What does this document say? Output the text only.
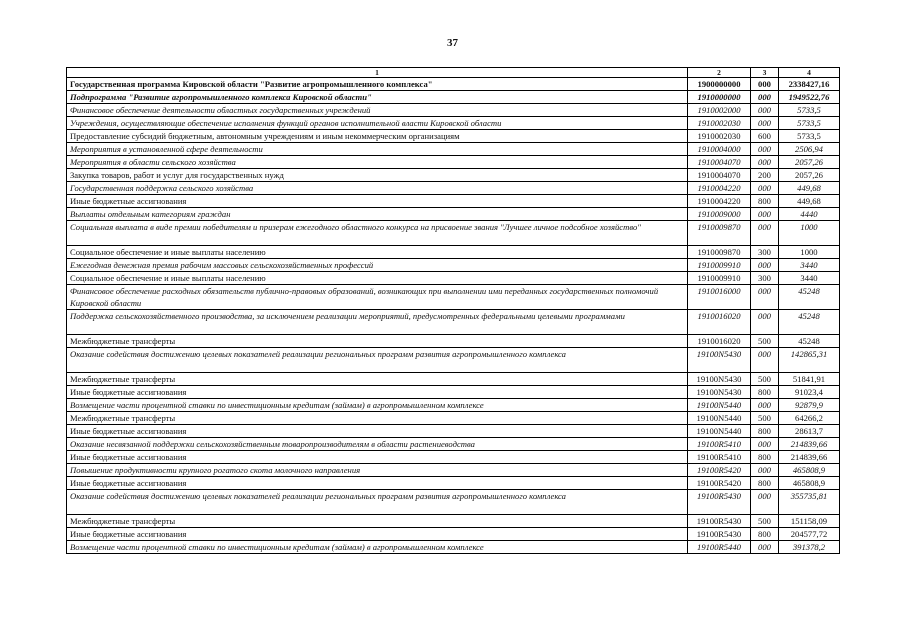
37
1	2	3	4
Государственная программа Кировской области "Развитие агропромышленного комплекса"	1900000000	000	2338427,16
Подпрограмма "Развитие агропромышленного комплекса Кировской области"	1910000000	000	1949522,76
Финансовое обеспечение деятельности областных государственных учреждений	1910002000	000	5733,5
Учреждения, осуществляющие обеспечение исполнения функций органов исполнительной власти Кировской области	1910002030	000	5733,5
Предоставление субсидий бюджетным, автономным учреждениям и иным некоммерческим организациям	1910002030	600	5733,5
Мероприятия в установленной сфере деятельности	1910004000	000	2506,94
Мероприятия в области сельского хозяйства	1910004070	000	2057,26
Закупка товаров, работ и услуг для государственных нужд	1910004070	200	2057,26
Государственная поддержка сельского хозяйства	1910004220	000	449,68
Иные бюджетные ассигнования	1910004220	800	449,68
Выплаты отдельным категориям граждан	1910009000	000	4440
Социальная выплата в виде премии победителям и призерам ежегодного областного конкурса на присвоение звания "Лучшее личное подсобное хозяйство"	1910009870	000	1000
Социальное обеспечение и иные выплаты населению	1910009870	300	1000
Ежегодная денежная премия рабочим массовых сельскохозяйственных профессий	1910009910	000	3440
Социальное обеспечение и иные выплаты населению	1910009910	300	3440
Финансовое обеспечение расходных обязательств публично-правовых образований, возникающих при выполнении ими переданных государственных полномочий Кировской области	1910016000	000	45248
Поддержка сельскохозяйственного производства, за исключением реализации мероприятий, предусмотренных федеральными целевыми программами	1910016020	000	45248
Межбюджетные трансферты	1910016020	500	45248
Оказание содействия достижению целевых показателей реализации региональных программ развития агропромышленного комплекса	19100N5430	000	142865,31
Межбюджетные трансферты	19100N5430	500	51841,91
Иные бюджетные ассигнования	19100N5430	800	91023,4
Возмещение части процентной ставки по инвестиционным кредитам (займам) в агропромышленном комплексе	19100N5440	000	92879,9
Межбюджетные трансферты	19100N5440	500	64266,2
Иные бюджетные ассигнования	19100N5440	800	28613,7
Оказание несвязанной поддержки сельскохозяйственным товаропроизводителям в области растениеводства	19100R5410	000	214839,66
Иные бюджетные ассигнования	19100R5410	800	214839,66
Повышение продуктивности крупного рогатого скота молочного направления	19100R5420	000	465808,9
Иные бюджетные ассигнования	19100R5420	800	465808,9
Оказание содействия достижению целевых показателей реализации региональных программ развития агропромышленного комплекса	19100R5430	000	355735,81
Межбюджетные трансферты	19100R5430	500	151158,09
Иные бюджетные ассигнования	19100R5430	800	204577,72
Возмещение части процентной ставки по инвестиционным кредитам (займам) в агропромышленном комплексе	19100R5440	000	391378,2
